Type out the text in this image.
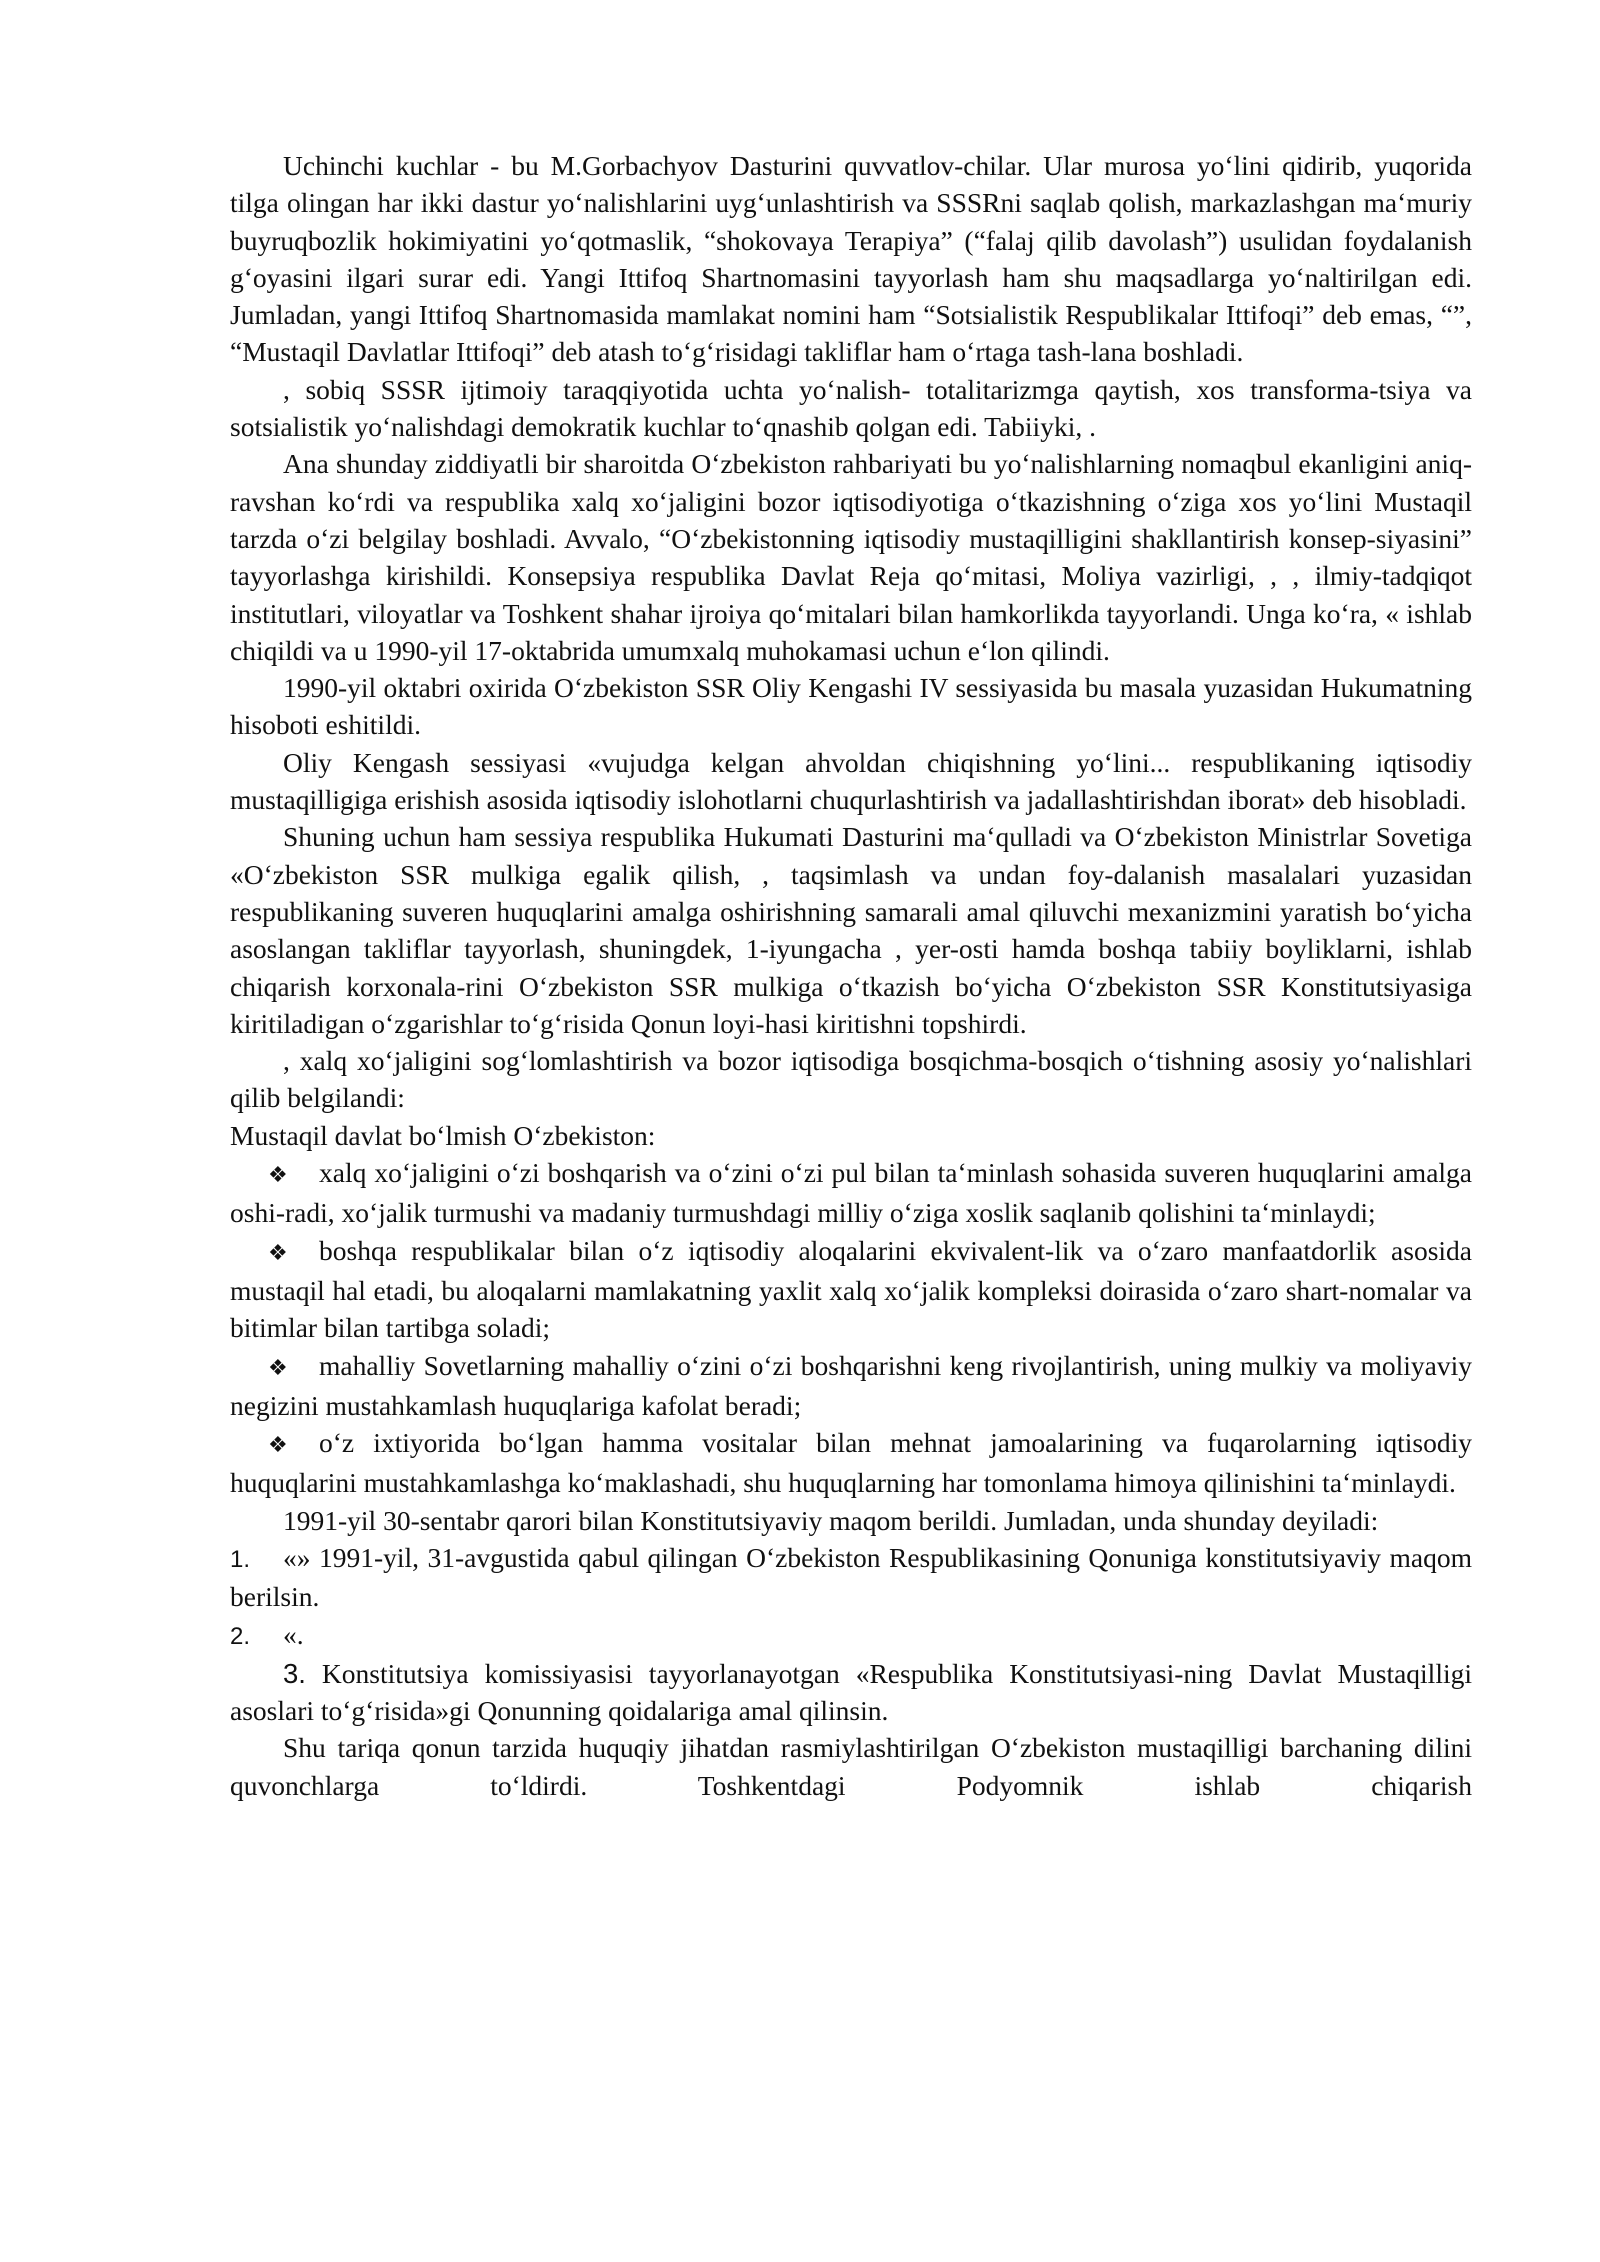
Uchinchi kuchlar - bu M.Gorbachyov Dasturini quvvatlov-chilar. Ular murosa yo‘lini qidirib, yuqorida tilga olingan har ikki dastur yo‘nalishlarini uyg‘unlashtirish va SSSRni saqlab qolish, markazlashgan ma‘muriy buyruqbozlik hokimiyatini yo‘qotmaslik, “shokovaya Terapiya” (“falaj qilib davolash”) usulidan foydalanish g‘oyasini ilgari surar edi. Yangi Ittifoq Shartnomasini tayyorlash ham shu maqsadlarga yo‘naltirilgan edi. Jumladan, yangi Ittifoq Shartnomasida mamlakat nomini ham “Sotsialistik Respublikalar Ittifoqi” deb emas, “”, “Mustaqil Davlatlar Ittifoqi” deb atash to‘g‘risidagi takliflar ham o‘rtaga tash-lana boshladi.

, sobiq SSSR ijtimoiy taraqqiyotida uchta yo‘nalish- totalitarizmga qaytish, xos transforma-tsiya va sotsialistik yo‘nalishdagi demokratik kuchlar to‘qnashib qolgan edi. Tabiiyki, .

Ana shunday ziddiyatli bir sharoitda O‘zbekiston rahbariyati bu yo‘nalishlarning nomaqbul ekanligini aniq-ravshan ko‘rdi va respublika xalq xo‘jaligini bozor iqtisodiyotiga o‘tkazishning o‘ziga xos yo‘lini Mustaqil tarzda o‘zi belgilay boshladi. Avvalo, “O‘zbekistonning iqtisodiy mustaqilligini shakllantirish konsep-siyasini” tayyorlashga kirishildi. Konsepsiya respublika Davlat Reja qo‘mitasi, Moliya vazirligi, , , ilmiy-tadqiqot institutlari, viloyatlar va Toshkent shahar ijroiya qo‘mitalari bilan hamkorlikda tayyorlandi. Unga ko‘ra, « ishlab chiqildi va u 1990-yil 17-oktabrida umumxalq muhokamasi uchun e‘lon qilindi.

1990-yil oktabri oxirida O‘zbekiston SSR Oliy Kengashi IV sessiyasida bu masala yuzasidan Hukumatning hisoboti eshitildi.

Oliy Kengash sessiyasi «vujudga kelgan ahvoldan chiqishning yo‘lini... respublikaning iqtisodiy mustaqilligiga erishish asosida iqtisodiy islohotlarni chuqurlashtirish va jadallashtirishdan iborat» deb hisobladi.

Shuning uchun ham sessiya respublika Hukumati Dasturini ma‘qulladi va O‘zbekiston Ministrlar Sovetiga «O‘zbekiston SSR mulkiga egalik qilish, , taqsimlash va undan foy-dalanish masalalari yuzasidan respublikaning suveren huquqlarini amalga oshirishning samarali amal qiluvchi mexanizmini yaratish bo‘yicha asoslangan takliflar tayyorlash, shuningdek, 1-iyungacha , yer-osti hamda boshqa tabiiy boyliklarni, ishlab chiqarish korxonala-rini O‘zbekiston SSR mulkiga o‘tkazish bo‘yicha O‘zbekiston SSR Konstitutsiyasiga kiritiladigan o‘zgarishlar to‘g‘risida Qonun loyi-hasi kiritishni topshirdi.

, xalq xo‘jaligini sog‘lomlashtirish va bozor iqtisodiga bosqichma-bosqich o‘tishning asosiy yo‘nalishlari qilib belgilandi:

Mustaqil davlat bo‘lmish O‘zbekiston:

❖ xalq xo‘jaligini o‘zi boshqarish va o‘zini o‘zi pul bilan ta‘minlash sohasida suveren huquqlarini amalga oshi-radi, xo‘jalik turmushi va madaniy turmushdagi milliy o‘ziga xoslik saqlanib qolishini ta‘minlaydi;

❖ boshqa respublikalar bilan o‘z iqtisodiy aloqalarini ekvivalent-lik va o‘zaro manfaatdorlik asosida mustaqil hal etadi, bu aloqalarni mamlakatning yaxlit xalq xo‘jalik kompleksi doirasida o‘zaro shart-nomalar va bitimlar bilan tartibga soladi;

❖ mahalliy Sovetlarning mahalliy o‘zini o‘zi boshqarishni keng rivojlantirish, uning mulkiy va moliyaviy negizini mustahkamlash huquqlariga kafolat beradi;

❖ o‘z ixtiyorida bo‘lgan hamma vositalar bilan mehnat jamoalarining va fuqarolarning iqtisodiy huquqlarini mustahkamlashga ko‘maklashadi, shu huquqlarning har tomonlama himoya qilinishini ta‘minlaydi.

1991-yil 30-sentabr qarori bilan Konstitutsiyaviy maqom berildi. Jumladan, unda shunday deyiladi:

1. «» 1991-yil, 31-avgustida qabul qilingan O‘zbekiston Respublikasining Qonuniga konstitutsiyaviy maqom berilsin.

2. «.

3. Konstitutsiya komissiyasisi tayyorlanayotgan «Respublika Konstitutsiyasi-ning Davlat Mustaqilligi asoslari to‘g‘risida»gi Qonunning qoidalariga amal qilinsin.

Shu tariqa qonun tarzida huquqiy jihatdan rasmiylashtirilgan O‘zbekiston mustaqilligi barchaning dilini quvonchlarga to‘ldirdi. Toshkentdagi Podyomnik ishlab chiqarish
